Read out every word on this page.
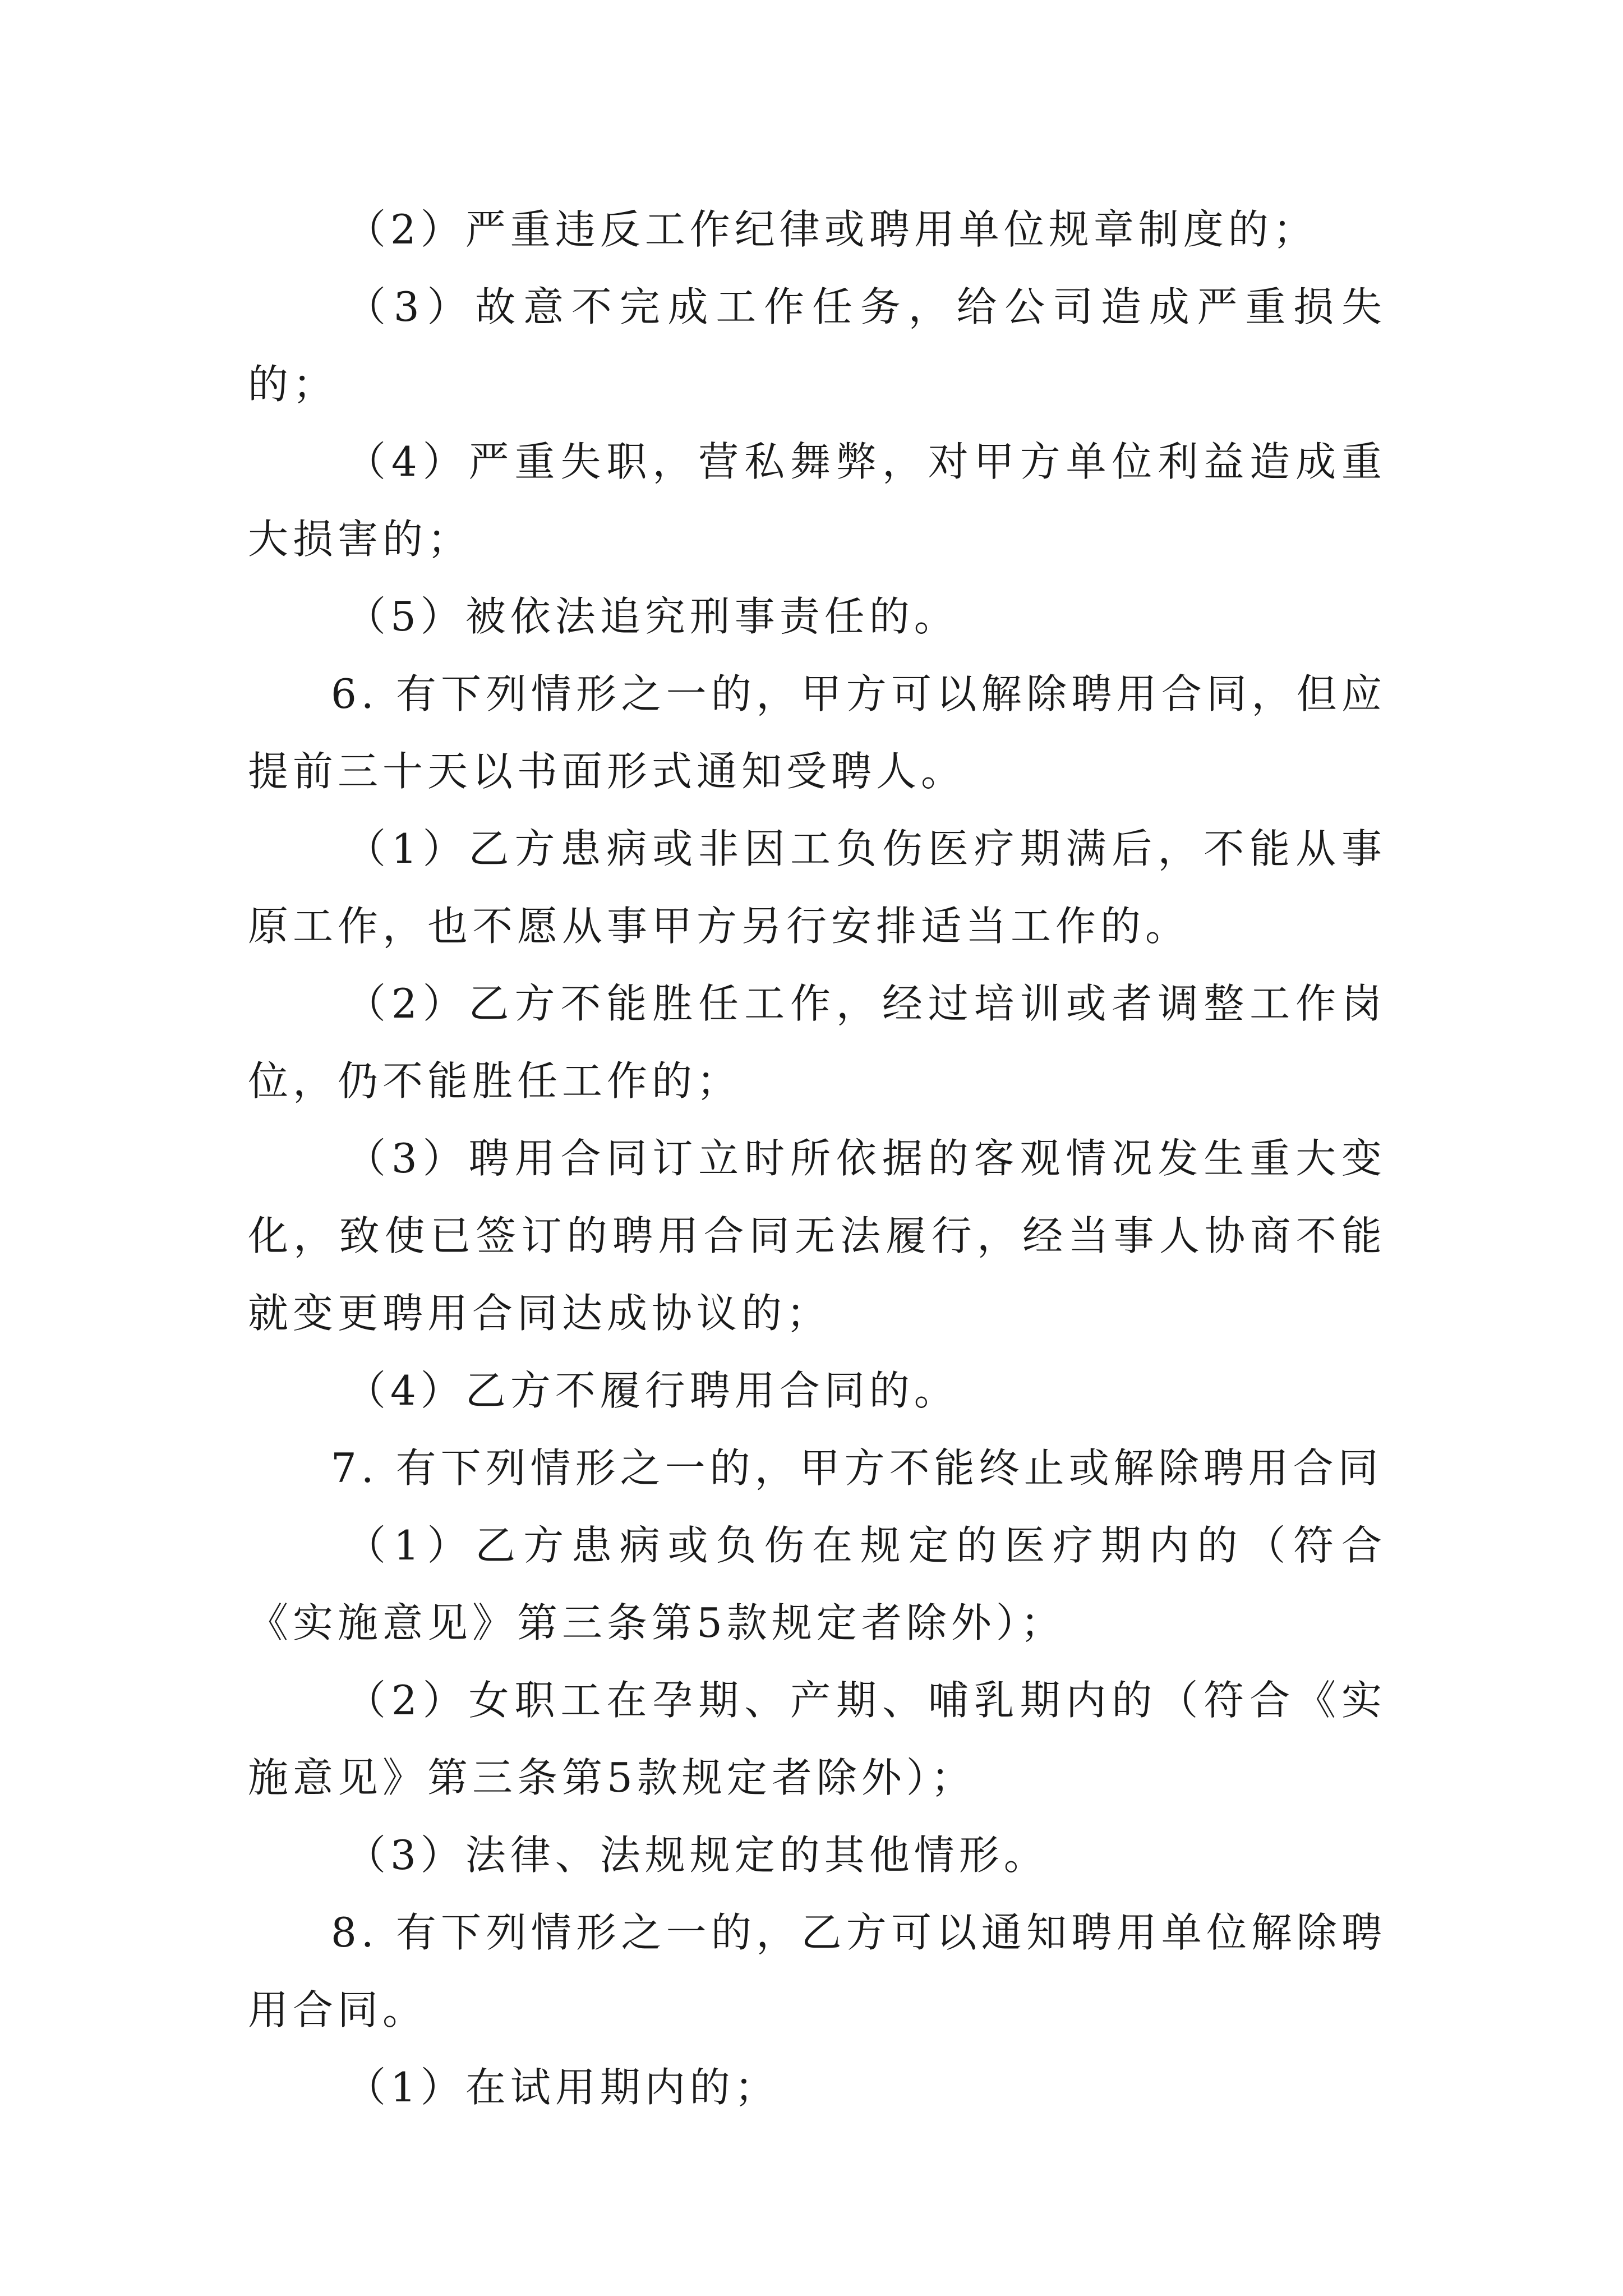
（2）严重违反工作纪律或聘用单位规章制度的；

（3）故意不完成工作任务，给公司造成严重损失的；

（4）严重失职，营私舞弊，对甲方单位利益造成重大损害的；

（5）被依法追究刑事责任的。

6. 有下列情形之一的，甲方可以解除聘用合同，但应提前三十天以书面形式通知受聘人。

（1）乙方患病或非因工负伤医疗期满后，不能从事原工作，也不愿从事甲方另行安排适当工作的。

（2）乙方不能胜任工作，经过培训或者调整工作岗位，仍不能胜任工作的；

（3）聘用合同订立时所依据的客观情况发生重大变化，致使已签订的聘用合同无法履行，经当事人协商不能就变更聘用合同达成协议的；

（4）乙方不履行聘用合同的。

7. 有下列情形之一的，甲方不能终止或解除聘用合同

（1）乙方患病或负伤在规定的医疗期内的（符合《实施意见》第三条第5款规定者除外）；

（2）女职工在孕期、产期、哺乳期内的（符合《实施意见》第三条第5款规定者除外）；

（3）法律、法规规定的其他情形。

8. 有下列情形之一的，乙方可以通知聘用单位解除聘用合同。

（1）在试用期内的；
